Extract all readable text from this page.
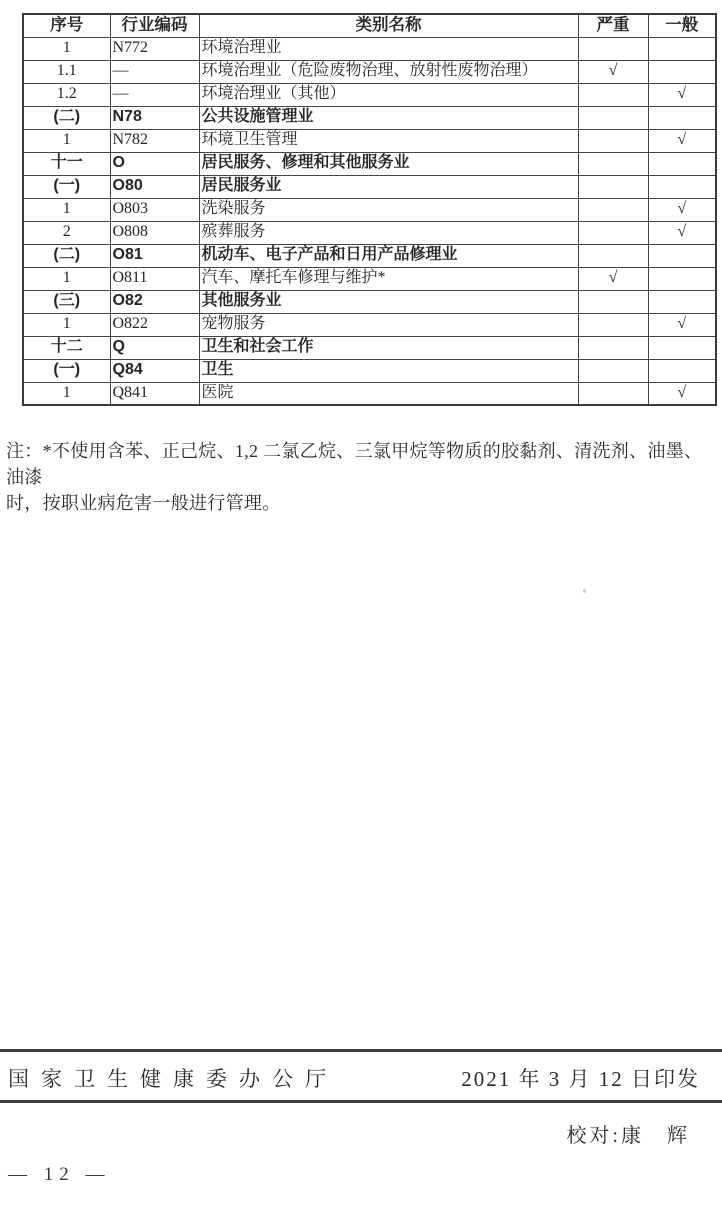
序号	行业编码	类别名称	严重	一般
1	N772	环境治理业		
1.1	—	环境治理业（危险废物治理、放射性废物治理）	√	
1.2	—	环境治理业（其他）		√
(二)	N78	公共设施管理业		
1	N782	环境卫生管理		√
十一	O	居民服务、修理和其他服务业		
(一)	O80	居民服务业		
1	O803	洗染服务		√
2	O808	殡葬服务		√
(二)	O81	机动车、电子产品和日用产品修理业		
1	O811	汽车、摩托车修理与维护*	√	
(三)	O82	其他服务业		
1	O822	宠物服务		√
十二	Q	卫生和社会工作		
(一)	Q84	卫生		
1	Q841	医院		√
注：*不使用含苯、正己烷、1,2 二氯乙烷、三氯甲烷等物质的胶黏剂、清洗剂、油墨、油漆
时，按职业病危害一般进行管理。
国家卫生健康委办公厅	2021 年 3 月 12 日印发
校对:康　辉
— 12 —
